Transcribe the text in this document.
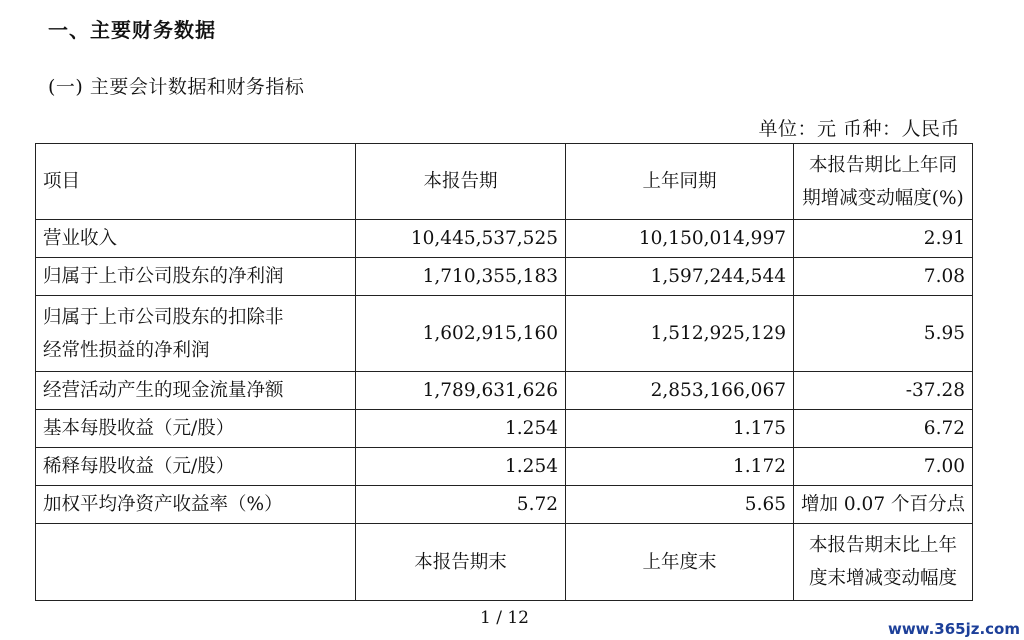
一、主要财务数据
(一) 主要会计数据和财务指标
单位：元 币种：人民币
项目	本报告期	上年同期	本报告期比上年同
期增减变动幅度(%)

营业收入	10,445,537,525	10,150,014,997	2.91
归属于上市公司股东的净利润	1,710,355,183	1,597,244,544	7.08

归属于上市公司股东的扣除非
经常性损益的净利润	1,602,915,160	1,512,925,129	5.95
经营活动产生的现金流量净额	1,789,631,626	2,853,166,067	-37.28
基本每股收益（元/股）	1.254	1.175	6.72
稀释每股收益（元/股）	1.254	1.172	7.00
加权平均净资产收益率（%）	5.72	5.65	增加 0.07 个百分点
	本报告期末	上年度末	本报告期末比上年
度末增减变动幅度
1 / 12
www.365jz.com
